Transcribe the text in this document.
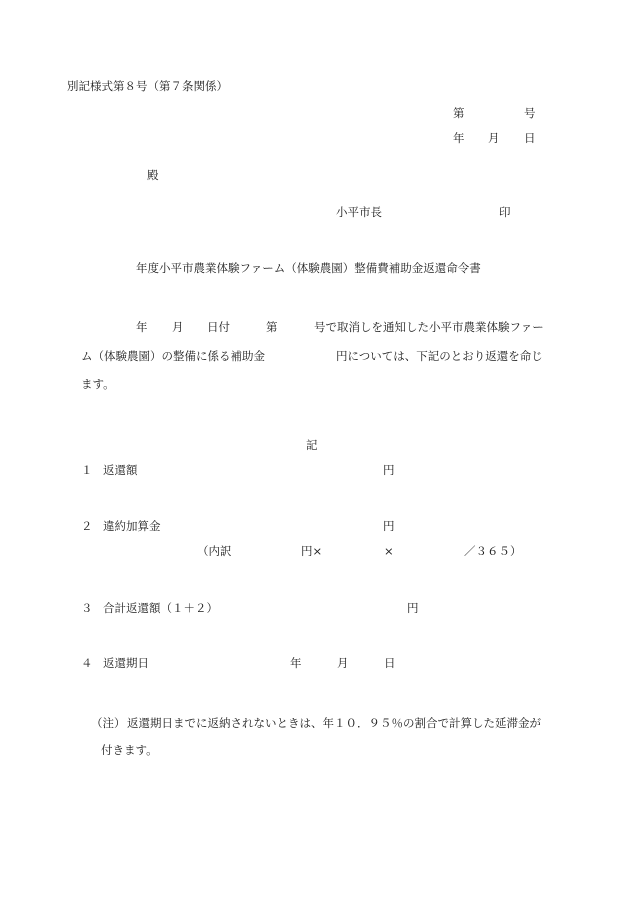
別記様式第８号（第７条関係）
第	号
年 月 日
殿
小平市長	印
年度小平市農業体験ファーム（体験農園）整備費補助金返還命令書
年 月 日付	第	号で取消しを通知した小平市農業体験ファー
ム（体験農園）の整備に係る補助金	円については、下記のとおり返還を命じ
ます。
記
１ 返還額	円
２ 違約加算金	円
（内訳	円×	×	／３６５）
３ 合計返還額（１＋２）	円
４ 返還期日	年	月	日
（注） 返還期日までに返納されないときは、年１０．９５％の割合で計算した延滞金が
付きます。
